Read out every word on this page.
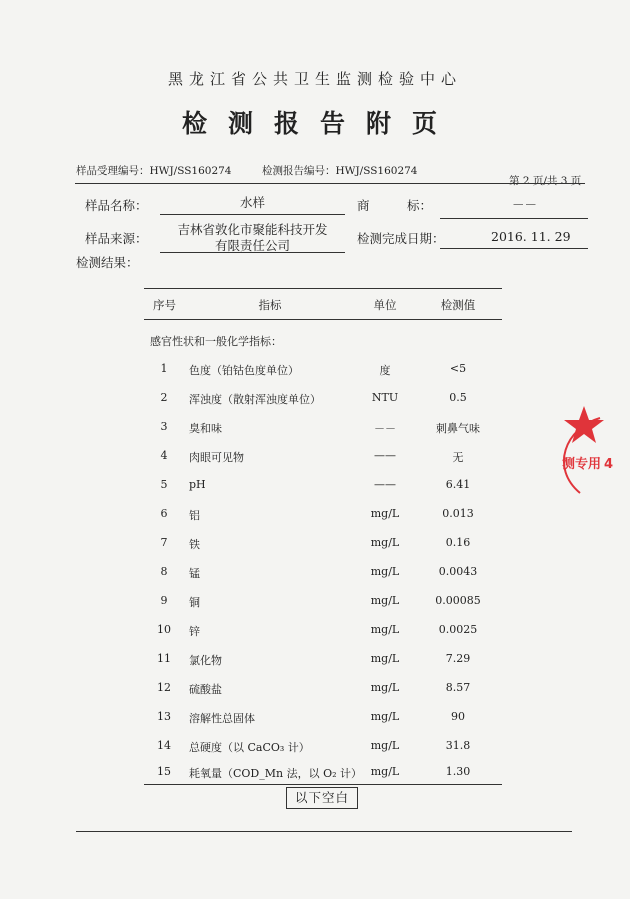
黑龙江省公共卫生监测检验中心
检测报告附页
样品受理编号：HWJ/SS160274	检测报告编号：HWJ/SS160274
第 2 页/共 3 页
样品名称：	水样	商　　　标：	－－
样品来源：
吉林省敦化市聚能科技开发
有限责任公司	检测完成日期：	2016. 11. 29
检测结果：
序号	指标	单位	检测值
感官性状和一般化学指标：
1	色度（铂钴色度单位）	度	<5
2	浑浊度（散射浑浊度单位）	NTU	0.5
3	臭和味	－－	刺鼻气味
4	肉眼可见物	——	无
5	pH	——	6.41
6	铝	mg/L	0.013
7	铁	mg/L	0.16
8	锰	mg/L	0.0043
9	铜	mg/L	0.00085
10	锌	mg/L	0.0025
11	氯化物	mg/L	7.29
12	硫酸盐	mg/L	8.57
13	溶解性总固体	mg/L	90
14	总硬度（以 CaCO₃ 计）	mg/L	31.8
15	耗氧量（COD_Mn 法，以 O₂ 计） mg/L	1.30
以下空白
测专用 4
